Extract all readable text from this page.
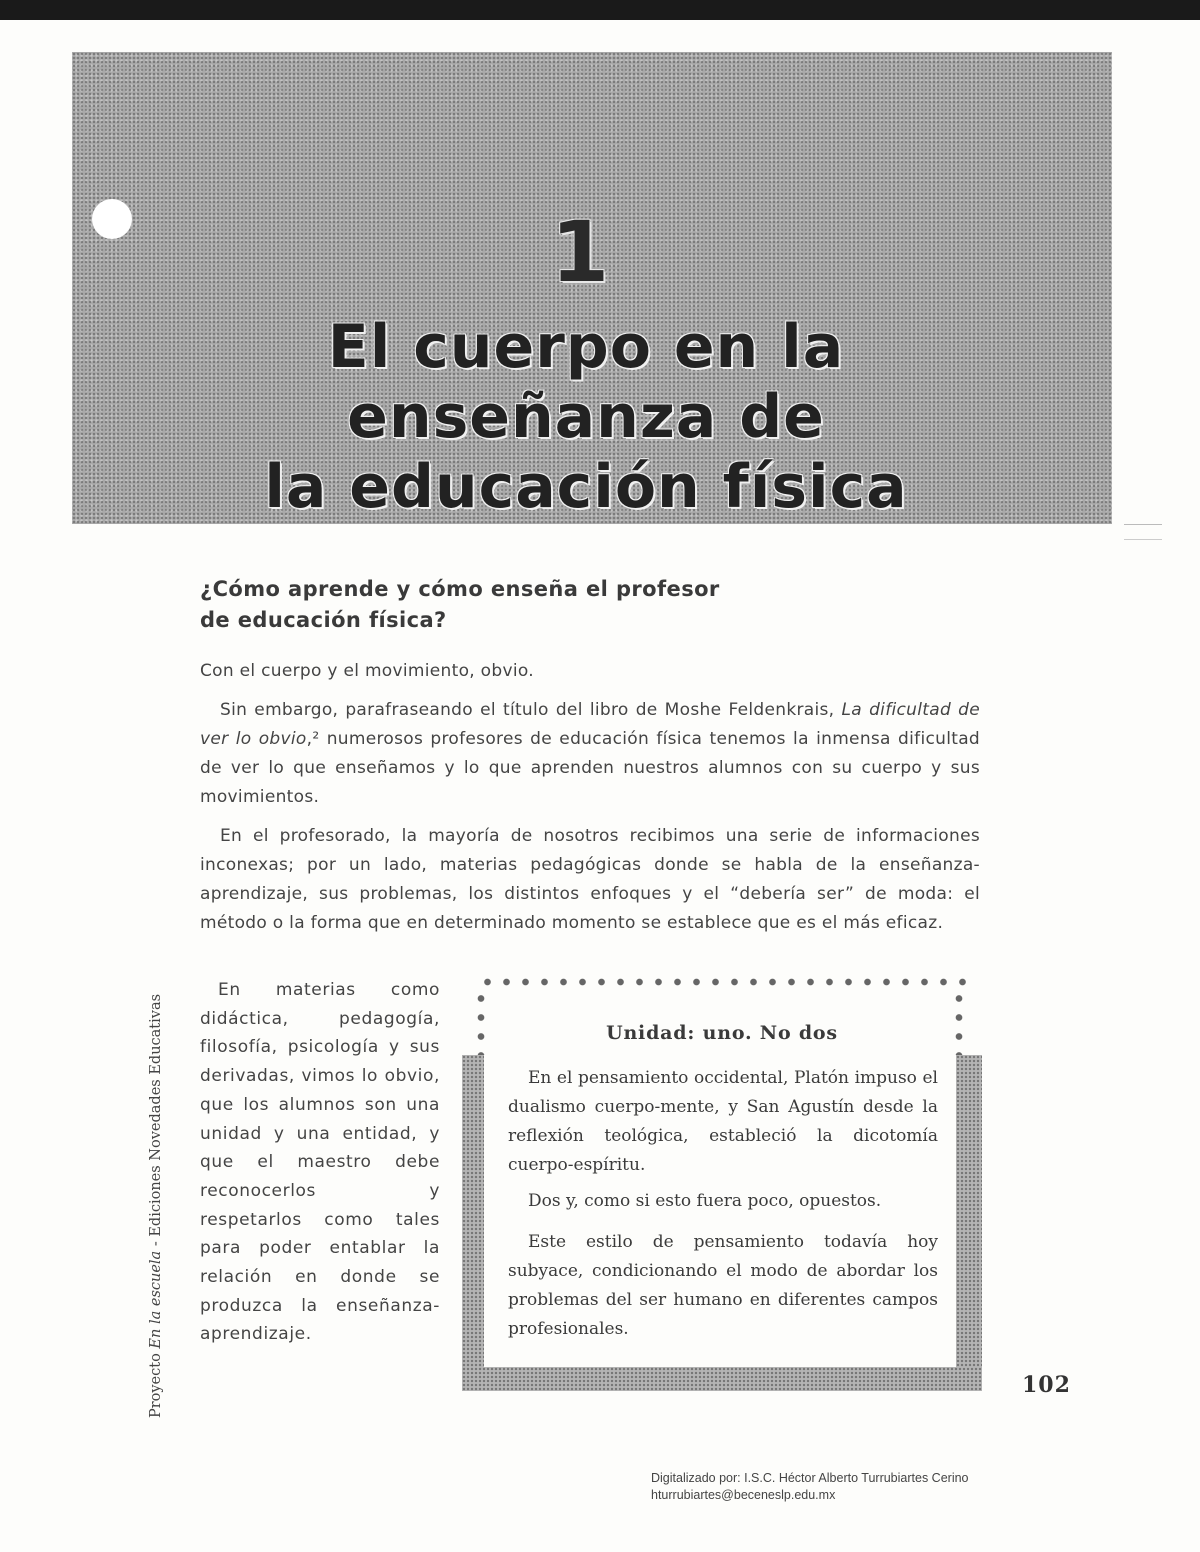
1
El cuerpo en la
enseñanza de
la educación física
¿Cómo aprende y cómo enseña el profesor
de educación física?

Con el cuerpo y el movimiento, obvio.

Sin embargo, parafraseando el título del libro de Moshe Feldenkrais, La dificultad de ver lo obvio,² numerosos profesores de educación física tenemos la inmensa dificultad de ver lo que enseñamos y lo que aprenden nuestros alumnos con su cuerpo y sus movimientos.

En el profesorado, la mayoría de nosotros recibimos una serie de informaciones inconexas; por un lado, materias pedagógicas donde se habla de la enseñanza-aprendizaje, sus problemas, los distintos enfoques y el “debería ser” de moda: el método o la forma que en determinado momento se establece que es el más eficaz.

En materias como didáctica, pedagogía, filosofía, psicología y sus derivadas, vimos lo obvio, que los alumnos son una unidad y una entidad, y que el maestro debe reconocerlos y respetarlos como tales para poder entablar la relación en donde se produzca la enseñanza-aprendizaje.

Unidad: uno. No dos

En el pensamiento occidental, Platón impuso el dualismo cuerpo-mente, y San Agustín desde la reflexión teológica, estableció la dicotomía cuerpo-espíritu.

Dos y, como si esto fuera poco, opuestos.

Este estilo de pensamiento todavía hoy subyace, condicionando el modo de abordar los problemas del ser humano en diferentes campos profesionales.

Proyecto En la escuela - Ediciones Novedades Educativas
102

Digitalizado por: I.S.C. Héctor Alberto Turrubiartes Cerino
hturrubiartes@beceneslp.edu.mx
